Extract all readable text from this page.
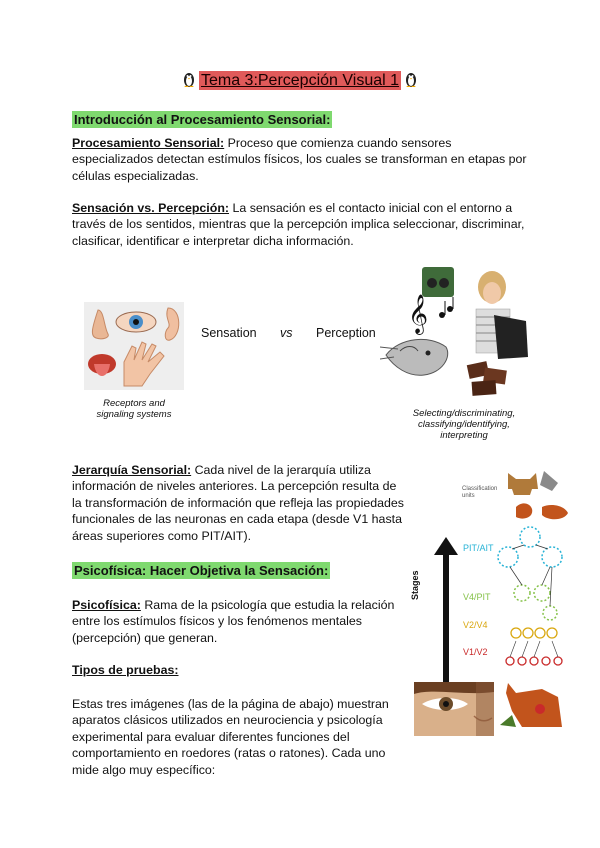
Tema 3:Percepción Visual 1
Introducción al Procesamiento Sensorial:
Procesamiento Sensorial: Proceso que comienza cuando sensores especializados detectan estímulos físicos, los cuales se transforman en etapas por células especializadas.
Sensación vs. Percepción: La sensación es el contacto inicial con el entorno a través de los sentidos, mientras que la percepción implica seleccionar, discriminar, clasificar, identificar e interpretar dicha información.
Sensation vs Perception
Receptors and
signaling systems
𝄞
Selecting/discriminating,
classifying/identifying,
interpreting
Jerarquía Sensorial: Cada nivel de la jerarquía utiliza información de niveles anteriores. La percepción resulta de la transformación de información que refleja las propiedades funcionales de las neuronas en cada etapa (desde V1 hasta áreas superiores como PIT/AIT).
Classification
units
PIT/AIT
V4/PIT
V2/V4
V1/V2
Stages
Psicofísica: Hacer Objetiva la Sensación:
Psicofísica: Rama de la psicología que estudia la relación entre los estímulos físicos y los fenómenos mentales (percepción) que generan.
Tipos de pruebas:
Estas tres imágenes (las de la página de abajo) muestran aparatos clásicos utilizados en neurociencia y psicología experimental para evaluar diferentes funciones del comportamiento en roedores (ratas o ratones). Cada uno mide algo muy específico:
